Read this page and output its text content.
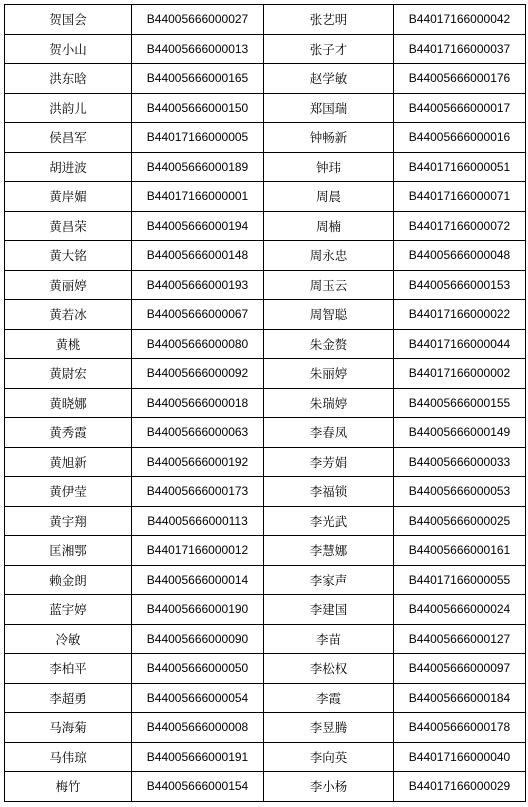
贺国会	B44005666000027	张艺明	B44017166000042
贺小山	B44005666000013	张子才	B44017166000037
洪东晗	B44005666000165	赵学敏	B44005666000176
洪韵儿	B44005666000150	郑国瑞	B44005666000017
侯昌军	B44017166000005	钟畅新	B44005666000016
胡进波	B44005666000189	钟玮	B44017166000051
黄岸媚	B44017166000001	周晨	B44017166000071
黄昌荣	B44005666000194	周楠	B44017166000072
黄大铭	B44005666000148	周永忠	B44005666000048
黄丽婷	B44005666000193	周玉云	B44005666000153
黄若冰	B44005666000067	周智聪	B44017166000022
黄桃	B44005666000080	朱金赘	B44017166000044
黄尉宏	B44005666000092	朱丽婷	B44017166000002
黄晓娜	B44005666000018	朱瑞婷	B44005666000155
黄秀霞	B44005666000063	李春凤	B44005666000149
黄旭新	B44005666000192	李芳娟	B44005666000033
黄伊莹	B44005666000173	李福锁	B44005666000053
黄宇翔	B44005666000113	李光武	B44005666000025
匡湘鄂	B44017166000012	李慧娜	B44005666000161
赖金朗	B44005666000014	李家声	B44017166000055
蓝宇婷	B44005666000190	李建国	B44005666000024
冷敏	B44005666000090	李苗	B44005666000127
李柏平	B44005666000050	李松权	B44005666000097
李超勇	B44005666000054	李霞	B44005666000184
马海菊	B44005666000008	李昱腾	B44005666000178
马伟琼	B44005666000191	李向英	B44017166000040
梅竹	B44005666000154	李小杨	B44017166000029
